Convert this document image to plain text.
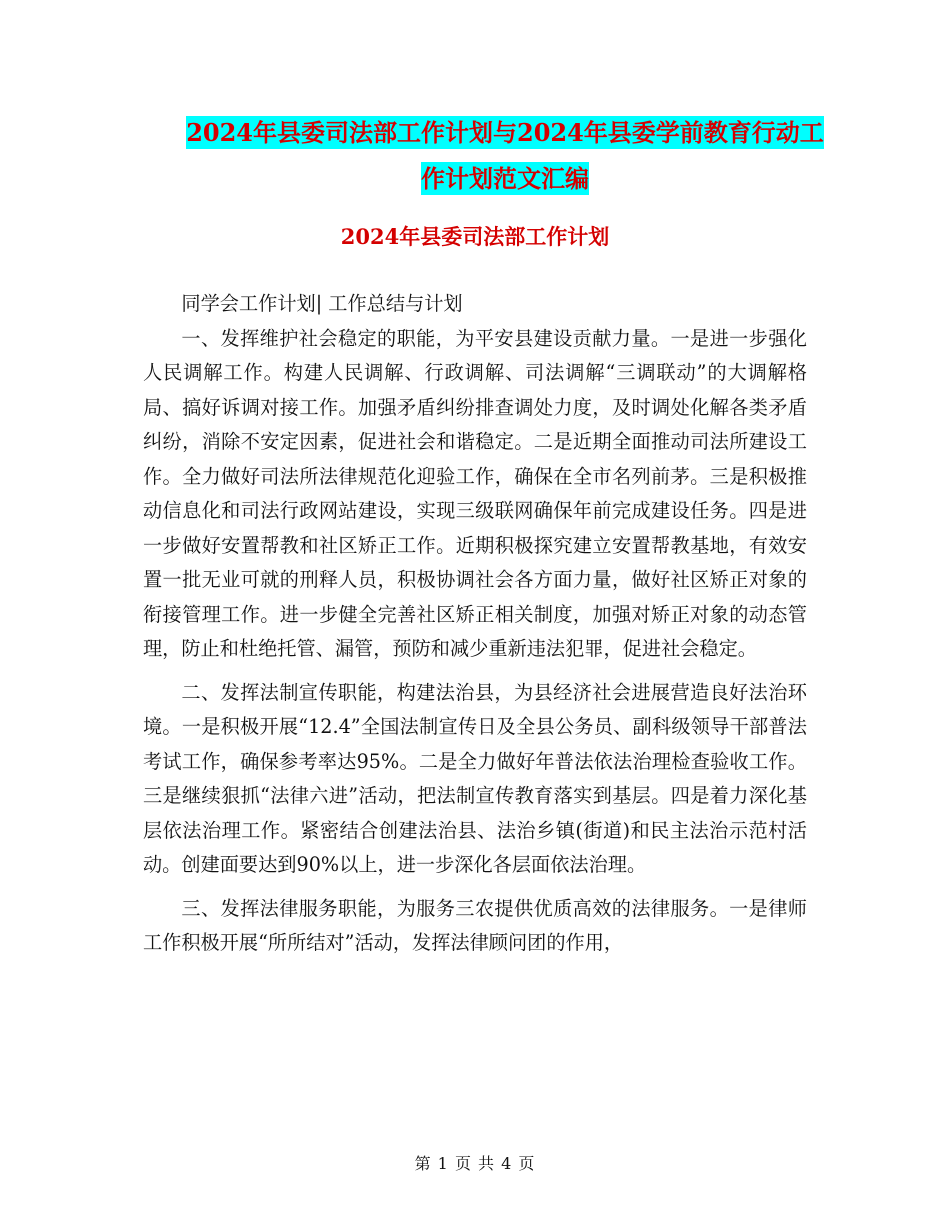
2024年县委司法部工作计划与2024年县委学前教育行动工作计划范文汇编
2024年县委司法部工作计划

同学会工作计划| 工作总结与计划

一、发挥维护社会稳定的职能，为平安县建设贡献力量。一是进一步强化人民调解工作。构建人民调解、行政调解、司法调解“三调联动”的大调解格局、搞好诉调对接工作。加强矛盾纠纷排查调处力度，及时调处化解各类矛盾纠纷，消除不安定因素，促进社会和谐稳定。二是近期全面推动司法所建设工作。全力做好司法所法律规范化迎验工作，确保在全市名列前茅。三是积极推动信息化和司法行政网站建设，实现三级联网确保年前完成建设任务。四是进一步做好安置帮教和社区矫正工作。近期积极探究建立安置帮教基地，有效安置一批无业可就的刑释人员，积极协调社会各方面力量，做好社区矫正对象的衔接管理工作。进一步健全完善社区矫正相关制度，加强对矫正对象的动态管理，防止和杜绝托管、漏管，预防和减少重新违法犯罪，促进社会稳定。

二、发挥法制宣传职能，构建法治县，为县经济社会进展营造良好法治环境。一是积极开展“12.4”全国法制宣传日及全县公务员、副科级领导干部普法考试工作，确保参考率达95%。二是全力做好年普法依法治理检查验收工作。三是继续狠抓“法律六进”活动，把法制宣传教育落实到基层。四是着力深化基层依法治理工作。紧密结合创建法治县、法治乡镇(街道)和民主法治示范村活动。创建面要达到90%以上，进一步深化各层面依法治理。

三、发挥法律服务职能，为服务三农提供优质高效的法律服务。一是律师工作积极开展“所所结对”活动，发挥法律顾问团的作用，

第 1 页 共 4 页
